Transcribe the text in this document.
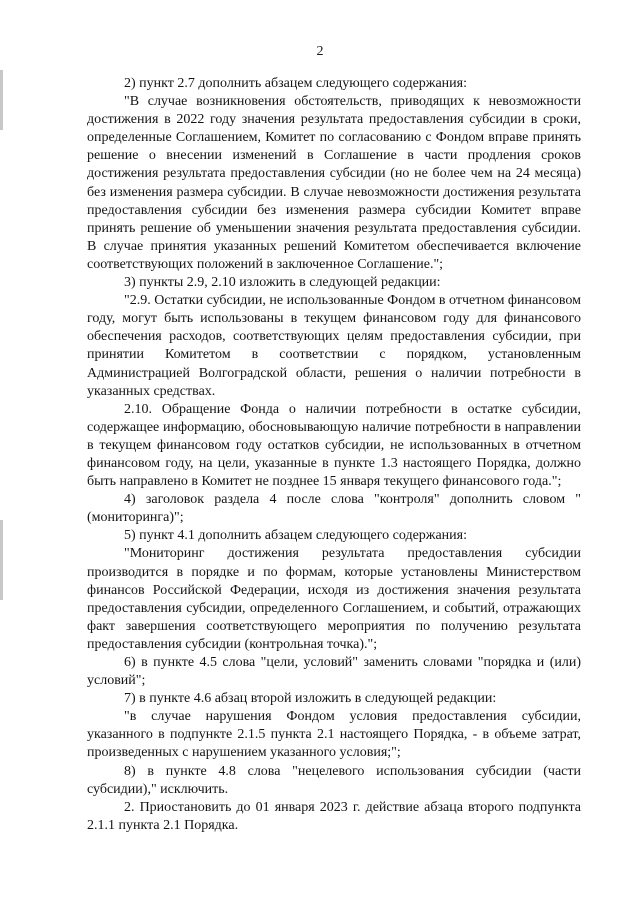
2

2) пункт 2.7 дополнить абзацем следующего содержания:

"В случае возникновения обстоятельств, приводящих к невозможности достижения в 2022 году значения результата предоставления субсидии в сроки, определенные Соглашением, Комитет по согласованию с Фондом вправе принять решение о внесении изменений в Соглашение в части продления сроков достижения результата предоставления субсидии (но не более чем на 24 месяца) без изменения размера субсидии. В случае невозможности достижения результата предоставления субсидии без изменения размера субсидии Комитет вправе принять решение об уменьшении значения результата предоставления субсидии. В случае принятия указанных решений Комитетом обеспечивается включение соответствующих положений в заключенное Соглашение.";

3) пункты 2.9, 2.10 изложить в следующей редакции:

"2.9. Остатки субсидии, не использованные Фондом в отчетном финансовом году, могут быть использованы в текущем финансовом году для финансового обеспечения расходов, соответствующих целям предоставления субсидии, при принятии Комитетом в соответствии с порядком, установленным Администрацией Волгоградской области, решения о наличии потребности в указанных средствах.

2.10. Обращение Фонда о наличии потребности в остатке субсидии, содержащее информацию, обосновывающую наличие потребности в направлении в текущем финансовом году остатков субсидии, не использованных в отчетном финансовом году, на цели, указанные в пункте 1.3 настоящего Порядка, должно быть направлено в Комитет не позднее 15 января текущего финансового года.";

4) заголовок раздела 4 после слова "контроля" дополнить словом "(мониторинга)";

5) пункт 4.1 дополнить абзацем следующего содержания:

"Мониторинг достижения результата предоставления субсидии производится в порядке и по формам, которые установлены Министерством финансов Российской Федерации, исходя из достижения значения результата предоставления субсидии, определенного Соглашением, и событий, отражающих факт завершения соответствующего мероприятия по получению результата предоставления субсидии (контрольная точка).";

6) в пункте 4.5 слова "цели, условий" заменить словами "порядка и (или) условий";

7) в пункте 4.6 абзац второй изложить в следующей редакции:

"в случае нарушения Фондом условия предоставления субсидии, указанного в подпункте 2.1.5 пункта 2.1 настоящего Порядка, - в объеме затрат, произведенных с нарушением указанного условия;";

8) в пункте 4.8 слова "нецелевого использования субсидии (части субсидии)," исключить.

2. Приостановить до 01 января 2023 г. действие абзаца второго подпункта 2.1.1 пункта 2.1 Порядка.
